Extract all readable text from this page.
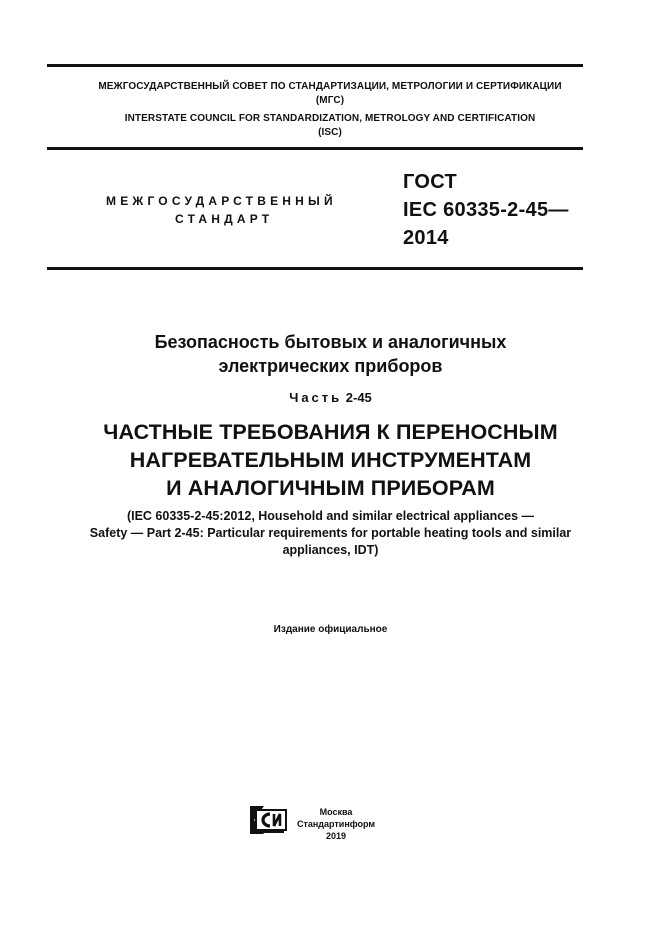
МЕЖГОСУДАРСТВЕННЫЙ СОВЕТ ПО СТАНДАРТИЗАЦИИ, МЕТРОЛОГИИ И СЕРТИФИКАЦИИ
(МГС)
INTERSTATE COUNCIL FOR STANDARDIZATION, METROLOGY AND CERTIFICATION
(ISC)
МЕЖГОСУДАРСТВЕННЫЙ
СТАНДАРТ
ГОСТ
IEC 60335-2-45—
2014
Безопасность бытовых и аналогичных
электрических приборов
Часть 2-45
ЧАСТНЫЕ ТРЕБОВАНИЯ К ПЕРЕНОСНЫМ
НАГРЕВАТЕЛЬНЫМ ИНСТРУМЕНТАМ
И АНАЛОГИЧНЫМ ПРИБОРАМ
(IEC 60335-2-45:2012, Household and similar electrical appliances —
Safety — Part 2-45: Particular requirements for portable heating tools and similar
appliances, IDT)
Издание официальное
Москва
Стандартинформ
2019
